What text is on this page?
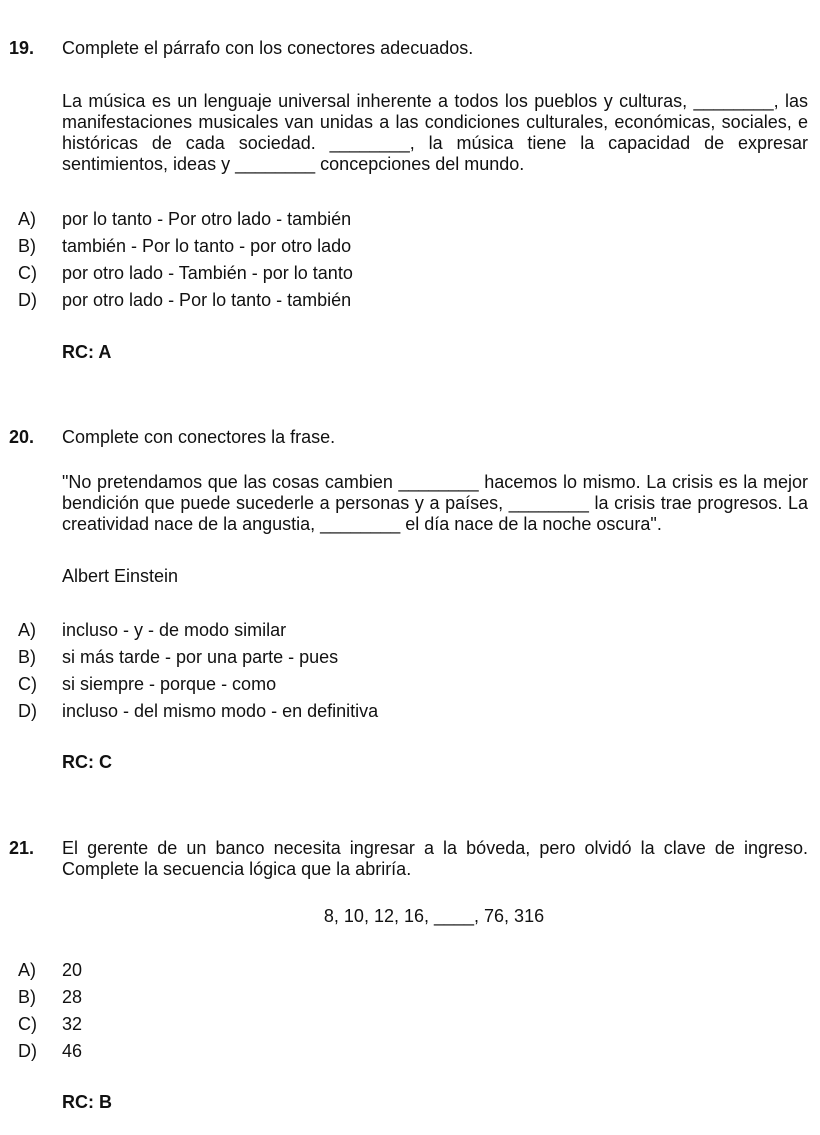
19. Complete el párrafo con los conectores adecuados.
La música es un lenguaje universal inherente a todos los pueblos y culturas, ________, las manifestaciones musicales van unidas a las condiciones culturales, económicas, sociales, e históricas de cada sociedad. ________, la música tiene la capacidad de expresar sentimientos, ideas y ________ concepciones del mundo.
A) por lo tanto - Por otro lado - también
B) también - Por lo tanto - por otro lado
C) por otro lado - También - por lo tanto
D) por otro lado - Por lo tanto - también
RC: A
20. Complete con conectores la frase.
"No pretendamos que las cosas cambien ________ hacemos lo mismo. La crisis es la mejor bendición que puede sucederle a personas y a países, ________ la crisis trae progresos. La creatividad nace de la angustia, ________ el día nace de la noche oscura".
Albert Einstein
A) incluso - y - de modo similar
B) si más tarde - por una parte - pues
C) si siempre - porque - como
D) incluso - del mismo modo - en definitiva
RC: C
21. El gerente de un banco necesita ingresar a la bóveda, pero olvidó la clave de ingreso. Complete la secuencia lógica que la abriría.
8, 10, 12, 16, ____, 76, 316
A) 20
B) 28
C) 32
D) 46
RC: B
